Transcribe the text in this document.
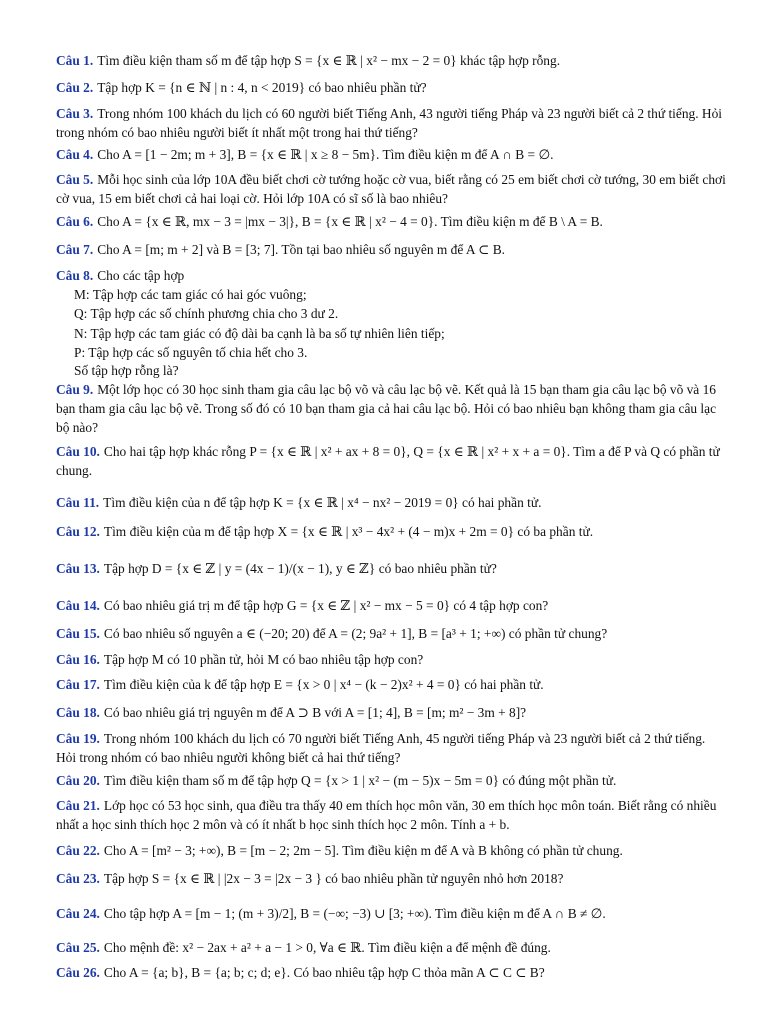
Câu 1. Tìm điều kiện tham số m để tập hợp S = {x ∈ ℝ | x² − mx − 2 = 0} khác tập hợp rỗng.
Câu 2. Tập hợp K = {n ∈ ℕ | n : 4, n < 2019} có bao nhiêu phần tử?
Câu 3. Trong nhóm 100 khách du lịch có 60 người biết Tiếng Anh, 43 người tiếng Pháp và 23 người biết cả 2 thứ tiếng. Hỏi trong nhóm có bao nhiêu người biết ít nhất một trong hai thứ tiếng?
Câu 4. Cho A = [1 − 2m; m + 3], B = {x ∈ ℝ | x ≥ 8 − 5m}. Tìm điều kiện m để A ∩ B = ∅.
Câu 5. Mỗi học sinh của lớp 10A đều biết chơi cờ tướng hoặc cờ vua, biết rằng có 25 em biết chơi cờ tướng, 30 em biết chơi cờ vua, 15 em biết chơi cả hai loại cờ. Hỏi lớp 10A có sĩ số là bao nhiêu?
Câu 6. Cho A = {x ∈ ℝ, mx − 3 = |mx − 3|}, B = {x ∈ ℝ | x² − 4 = 0}. Tìm điều kiện m để B \ A = B.
Câu 7. Cho A = [m; m + 2] và B = [3; 7]. Tồn tại bao nhiêu số nguyên m để A ⊂ B.
Câu 8. Cho các tập hợp
M: Tập hợp các tam giác có hai góc vuông;
Q: Tập hợp các số chính phương chia cho 3 dư 2.
N: Tập hợp các tam giác có độ dài ba cạnh là ba số tự nhiên liên tiếp;
P: Tập hợp các số nguyên tố chia hết cho 3.
Số tập hợp rỗng là?
Câu 9. Một lớp học có 30 học sinh tham gia câu lạc bộ võ và câu lạc bộ vẽ. Kết quả là 15 bạn tham gia câu lạc bộ võ và 16 bạn tham gia câu lạc bộ vẽ. Trong số đó có 10 bạn tham gia cả hai câu lạc bộ. Hỏi có bao nhiêu bạn không tham gia câu lạc bộ nào?
Câu 10. Cho hai tập hợp khác rỗng P = {x ∈ ℝ | x² + ax + 8 = 0}, Q = {x ∈ ℝ | x² + x + a = 0}. Tìm a để P và Q có phần tử chung.
Câu 11. Tìm điều kiện của n để tập hợp K = {x ∈ ℝ | x⁴ − nx² − 2019 = 0} có hai phần tử.
Câu 12. Tìm điều kiện của m để tập hợp X = {x ∈ ℝ | x³ − 4x² + (4 − m)x + 2m = 0} có ba phần tử.
Câu 13. Tập hợp D = {x ∈ ℤ | y = (4x − 1)/(x − 1), y ∈ ℤ} có bao nhiêu phần tử?
Câu 14. Có bao nhiêu giá trị m để tập hợp G = {x ∈ ℤ | x² − mx − 5 = 0} có 4 tập hợp con?
Câu 15. Có bao nhiêu số nguyên a ∈ (−20; 20) để A = (2; 9a² + 1], B = [a³ + 1; +∞) có phần tử chung?
Câu 16. Tập hợp M có 10 phần tử, hỏi M có bao nhiêu tập hợp con?
Câu 17. Tìm điều kiện của k để tập hợp E = {x > 0 | x⁴ − (k − 2)x² + 4 = 0} có hai phần tử.
Câu 18. Có bao nhiêu giá trị nguyên m để A ⊃ B với A = [1; 4], B = [m; m² − 3m + 8]?
Câu 19. Trong nhóm 100 khách du lịch có 70 người biết Tiếng Anh, 45 người tiếng Pháp và 23 người biết cả 2 thứ tiếng. Hỏi trong nhóm có bao nhiêu người không biết cả hai thứ tiếng?
Câu 20. Tìm điều kiện tham số m để tập hợp Q = {x > 1 | x² − (m − 5)x − 5m = 0} có đúng một phần tử.
Câu 21. Lớp học có 53 học sinh, qua điều tra thấy 40 em thích học môn văn, 30 em thích học môn toán. Biết rằng có nhiều nhất a học sinh thích học 2 môn và có ít nhất b học sinh thích học 2 môn. Tính a + b.
Câu 22. Cho A = [m² − 3; +∞), B = [m − 2; 2m − 5]. Tìm điều kiện m để A và B không có phần tử chung.
Câu 23. Tập hợp S = {x ∈ ℝ | |2x − 3 = |2x − 3 } có bao nhiêu phần tử nguyên nhỏ hơn 2018?
Câu 24. Cho tập hợp A = [m − 1; (m + 3)/2], B = (−∞; −3) ∪ [3; +∞). Tìm điều kiện m để A ∩ B ≠ ∅.
Câu 25. Cho mệnh đề: x² − 2ax + a² + a − 1 > 0, ∀a ∈ ℝ. Tìm điều kiện a để mệnh đề đúng.
Câu 26. Cho A = {a; b}, B = {a; b; c; d; e}. Có bao nhiêu tập hợp C thỏa mãn A ⊂ C ⊂ B?
